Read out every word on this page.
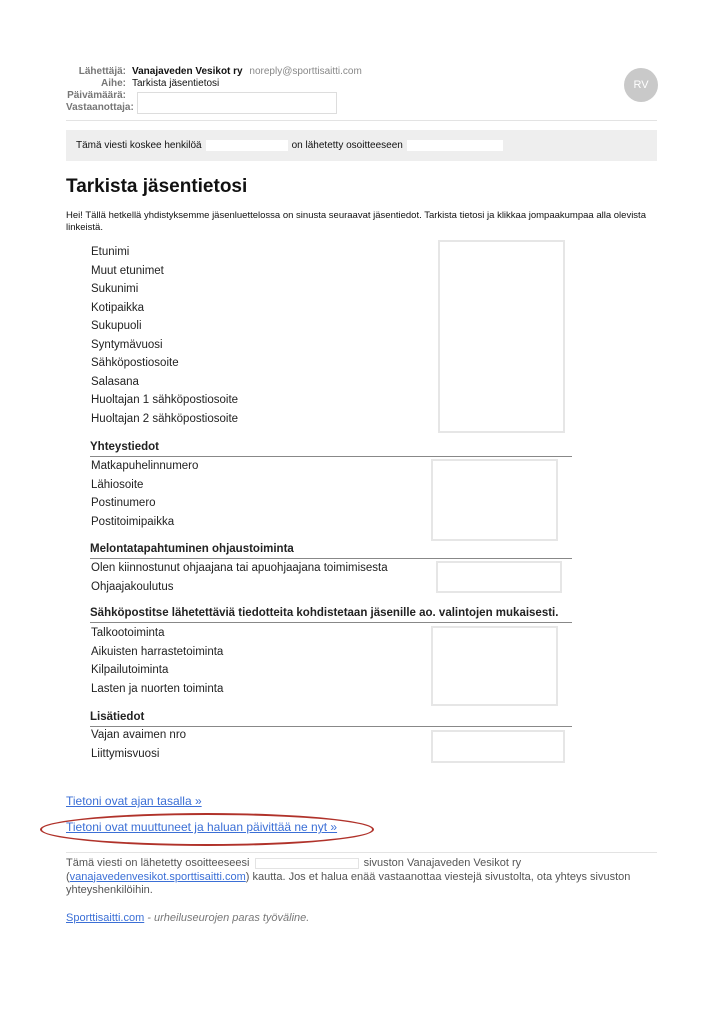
Lähettäjä: Vanajaveden Vesikot ry noreply@sporttisaitti.com
Aihe: Tarkista jäsentietosi
Päivämäärä:
Vastaanottaja:
RV
Tämä viesti koskee henkilöä	on lähetetty osoitteeseen
Tarkista jäsentietosi

Hei! Tällä hetkellä yhdistyksemme jäsenluettelossa on sinusta seuraavat jäsentiedot. Tarkista tietosi ja klikkaa jompaakumpaa alla olevista linkeistä.

Etunimi
Muut etunimet
Sukunimi
Kotipaikka
Sukupuoli
Syntymävuosi
Sähköpostiosoite
Salasana
Huoltajan 1 sähköpostiosoite
Huoltajan 2 sähköpostiosoite
Yhteystiedot
Matkapuhelinnumero
Lähiosoite
Postinumero
Postitoimipaikka
Melontatapahtuminen ohjaustoiminta
Olen kiinnostunut ohjaajana tai apuohjaajana toimimisesta
Ohjaajakoulutus
Sähköpostitse lähetettäviä tiedotteita kohdistetaan jäsenille ao. valintojen mukaisesti.
Talkootoiminta
Aikuisten harrastetoiminta
Kilpailutoiminta
Lasten ja nuorten toiminta
Lisätiedot
Vajan avaimen nro
Liittymisvuosi
Tietoni ovat ajan tasalla »
Tietoni ovat muuttuneet ja haluan päivittää ne nyt »
Tämä viesti on lähetetty osoitteeseesi	sivuston Vanajaveden Vesikot ry (vanajavedenvesikot.sporttisaitti.com) kautta. Jos et halua enää vastaanottaa viestejä sivustolta, ota yhteys sivuston yhteyshenkilöihin.
Sporttisaitti.com - urheiluseurojen paras työväline.
